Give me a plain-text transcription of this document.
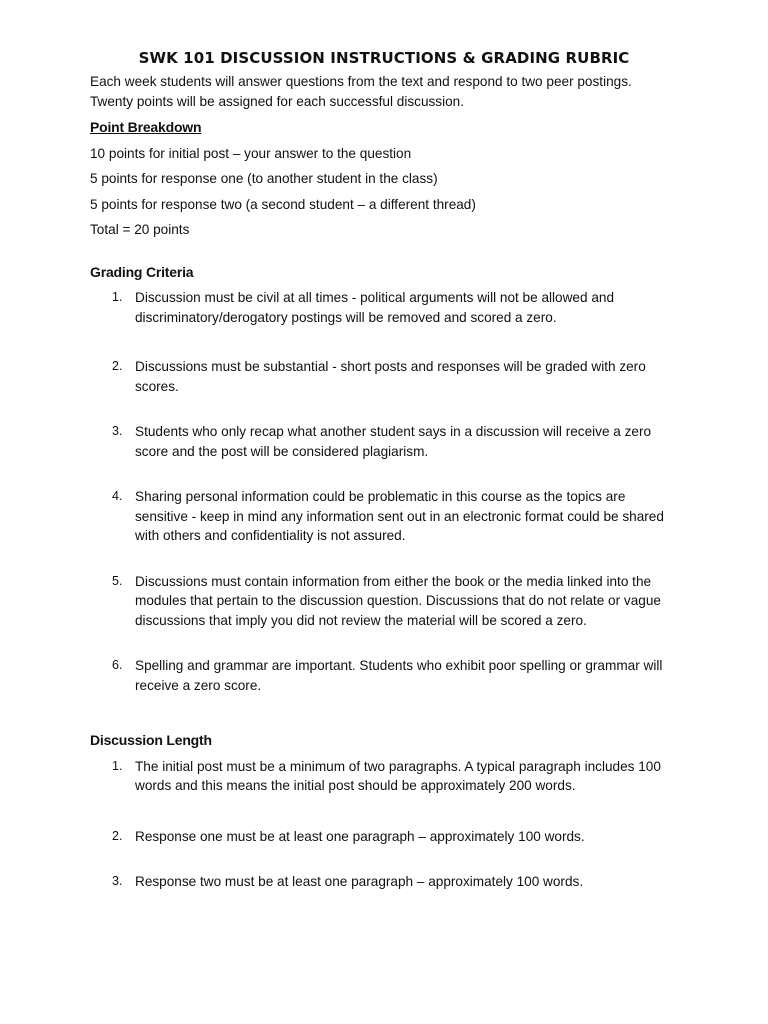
SWK 101 DISCUSSION INSTRUCTIONS & GRADING RUBRIC

Each week students will answer questions from the text and respond to two peer postings.

Twenty points will be assigned for each successful discussion.

Point Breakdown

10 points for initial post – your answer to the question

5 points for response one (to another student in the class)

5 points for response two (a second student – a different thread)

Total = 20 points

Grading Criteria
1. Discussion must be civil at all times - political arguments will not be allowed and discriminatory/derogatory postings will be removed and scored a zero.
2. Discussions must be substantial - short posts and responses will be graded with zero scores.
3. Students who only recap what another student says in a discussion will receive a zero score and the post will be considered plagiarism.
4. Sharing personal information could be problematic in this course as the topics are sensitive - keep in mind any information sent out in an electronic format could be shared with others and confidentiality is not assured.
5. Discussions must contain information from either the book or the media linked into the modules that pertain to the discussion question. Discussions that do not relate or vague discussions that imply you did not review the material will be scored a zero.
6. Spelling and grammar are important. Students who exhibit poor spelling or grammar will receive a zero score.
Discussion Length
1. The initial post must be a minimum of two paragraphs. A typical paragraph includes 100 words and this means the initial post should be approximately 200 words.
2. Response one must be at least one paragraph – approximately 100 words.
3. Response two must be at least one paragraph – approximately 100 words.
